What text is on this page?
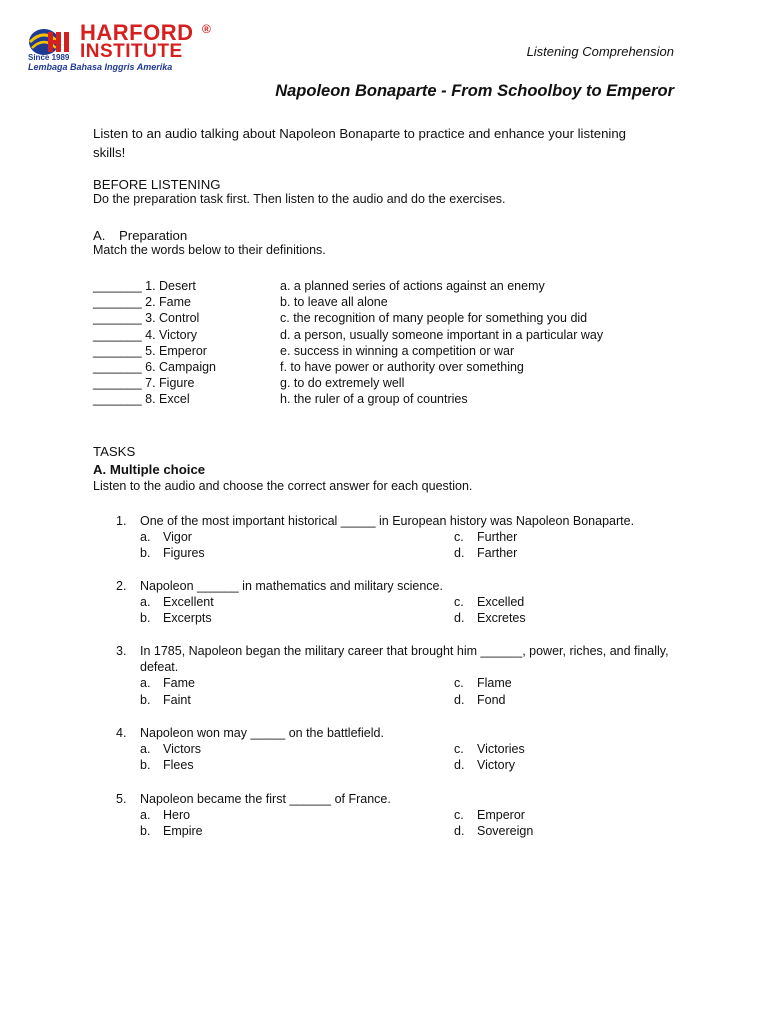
HARFORD ®
INSTITUTE
Since 1989
Lembaga Bahasa Inggris Amerika
Listening Comprehension
Napoleon Bonaparte - From Schoolboy to Emperor
Listen to an audio talking about Napoleon Bonaparte to practice and enhance your listening skills!
BEFORE LISTENING
Do the preparation task first. Then listen to the audio and do the exercises.
A. Preparation
Match the words below to their definitions.
_______ 1. Desert	a. a planned series of actions against an enemy
_______ 2. Fame	b. to leave all alone
_______ 3. Control	c. the recognition of many people for something you did
_______ 4. Victory	d. a person, usually someone important in a particular way
_______ 5. Emperor	e. success in winning a competition or war
_______ 6. Campaign	f. to have power or authority over something
_______ 7. Figure	g. to do extremely well
_______ 8. Excel	h. the ruler of a group of countries
TASKS
A. Multiple choice
Listen to the audio and choose the correct answer for each question.
1.	One of the most important historical _____ in European history was Napoleon Bonaparte.
a.	Vigor	c.	Further
b.	Figures	d.	Farther
2.	Napoleon ______ in mathematics and military science.
a.	Excellent	c.	Excelled
b.	Excerpts	d.	Excretes
3.	In 1785, Napoleon began the military career that brought him ______, power, riches, and finally, defeat.
a.	Fame	c.	Flame
b.	Faint	d.	Fond
4.	Napoleon won may _____ on the battlefield.
a.	Victors	c.	Victories
b.	Flees	d.	Victory
5.	Napoleon became the first ______ of France.
a.	Hero	c.	Emperor
b.	Empire	d.	Sovereign
